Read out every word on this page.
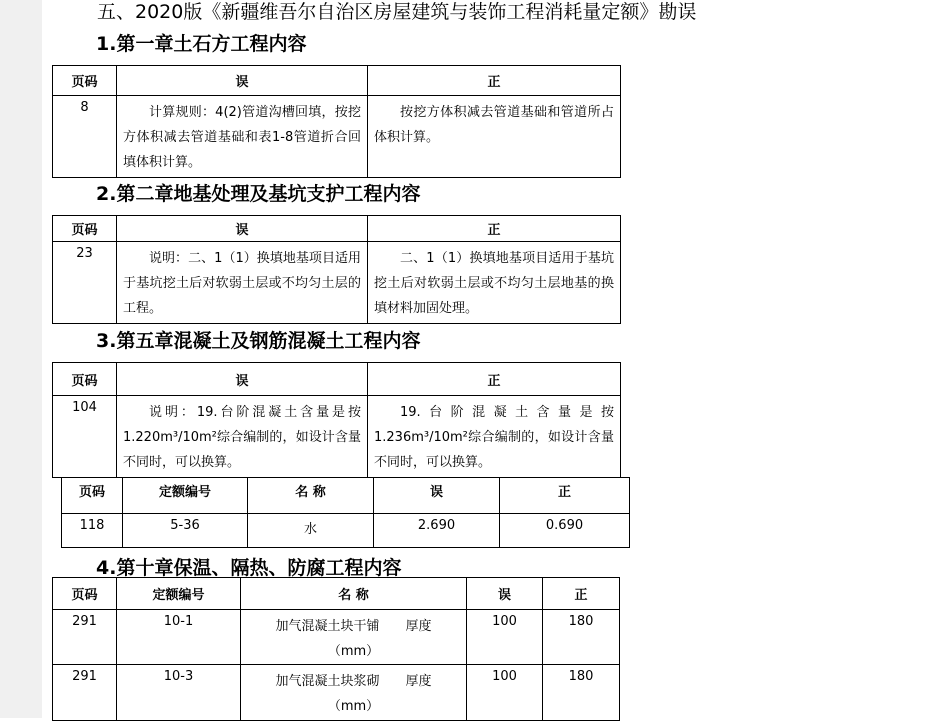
五、2020版《新疆维吾尔自治区房屋建筑与装饰工程消耗量定额》勘误
1.第一章土石方工程内容
页码	误	正
8	计算规则：4(2)管道沟槽回填，按挖方体积减去管道基础和表1-8管道折合回填体积计算。	按挖方体积减去管道基础和管道所占体积计算。
2.第二章地基处理及基坑支护工程内容
页码	误	正
23	说明：二、1（1）换填地基项目适用于基坑挖土后对软弱土层或不均匀土层的工程。	二、1（1）换填地基项目适用于基坑挖土后对软弱土层或不均匀土层地基的换填材料加固处理。
3.第五章混凝土及钢筋混凝土工程内容
页码	误	正
104	说明：19.台阶混凝土含量是按1.220m³/10m²综合编制的，如设计含量不同时，可以换算。	19.台阶混凝土含量是按1.236m³/10m²综合编制的，如设计含量不同时，可以换算。
页码	定额编号	名 称	误	正
118	5-36	水	2.690	0.690
4.第十章保温、隔热、防腐工程内容
页码	定额编号	名 称	误	正
291	10-1	加气混凝土块干铺　　厚度
（mm）	100	180
291	10-3	加气混凝土块浆砌　　厚度
（mm）	100	180
